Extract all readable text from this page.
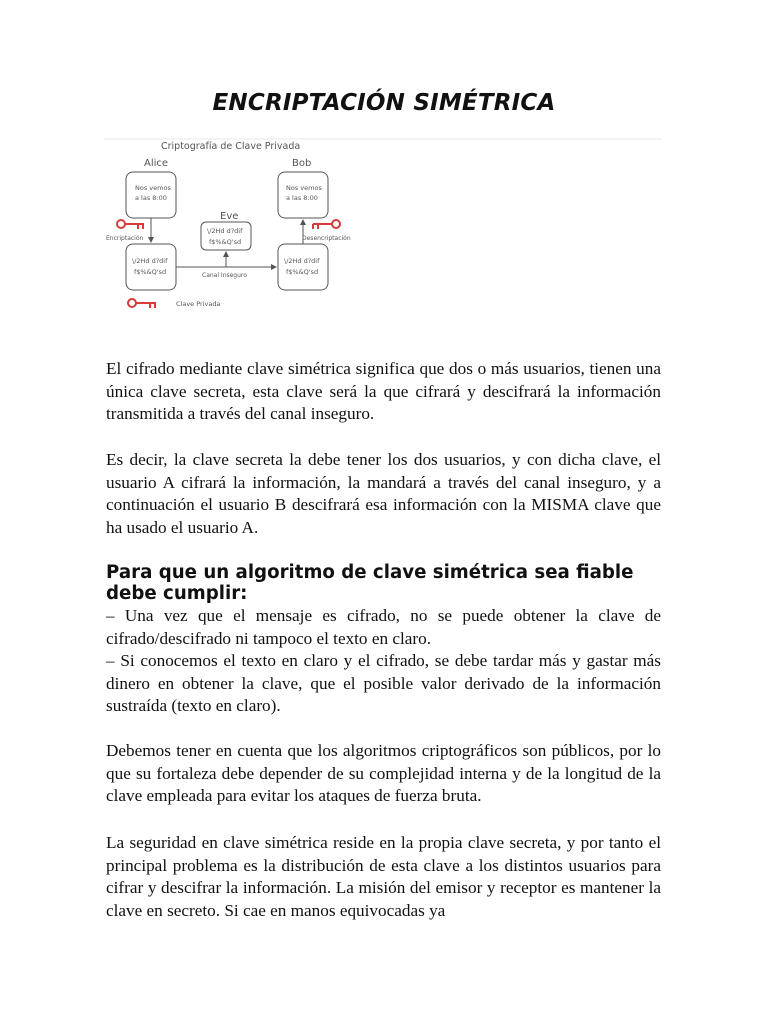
ENCRIPTACIÓN SIMÉTRICA
Criptografía de Clave Privada
Alice	Bob
Eve
Nos vemos
a las 8:00
\/2Hd d?dif
f$%&Q'sd
Nos vemos
a las 8:00
\/2Hd d?dif
f$%&Q'sd
\/2Hd d?dif
f$%&Q'sd
Encriptación	Desencriptación
Canal Inseguro
Clave Privada
El cifrado mediante clave simétrica significa que dos o más usuarios, tienen una única clave secreta, esta clave será la que cifrará y descifrará la información transmitida a través del canal inseguro.
Es decir, la clave secreta la debe tener los dos usuarios, y con dicha clave, el usuario A cifrará la información, la mandará a través del canal inseguro, y a continuación el usuario B descifrará esa información con la MISMA clave que ha usado el usuario A.
Para que un algoritmo de clave simétrica sea fiable debe cumplir:
– Una vez que el mensaje es cifrado, no se puede obtener la clave de cifrado/descifrado ni tampoco el texto en claro.
– Si conocemos el texto en claro y el cifrado, se debe tardar más y gastar más dinero en obtener la clave, que el posible valor derivado de la información sustraída (texto en claro).
Debemos tener en cuenta que los algoritmos criptográficos son públicos, por lo que su fortaleza debe depender de su complejidad interna y de la longitud de la clave empleada para evitar los ataques de fuerza bruta.
La seguridad en clave simétrica reside en la propia clave secreta, y por tanto el principal problema es la distribución de esta clave a los distintos usuarios para cifrar y descifrar la información. La misión del emisor y receptor es mantener la clave en secreto. Si cae en manos equivocadas ya
